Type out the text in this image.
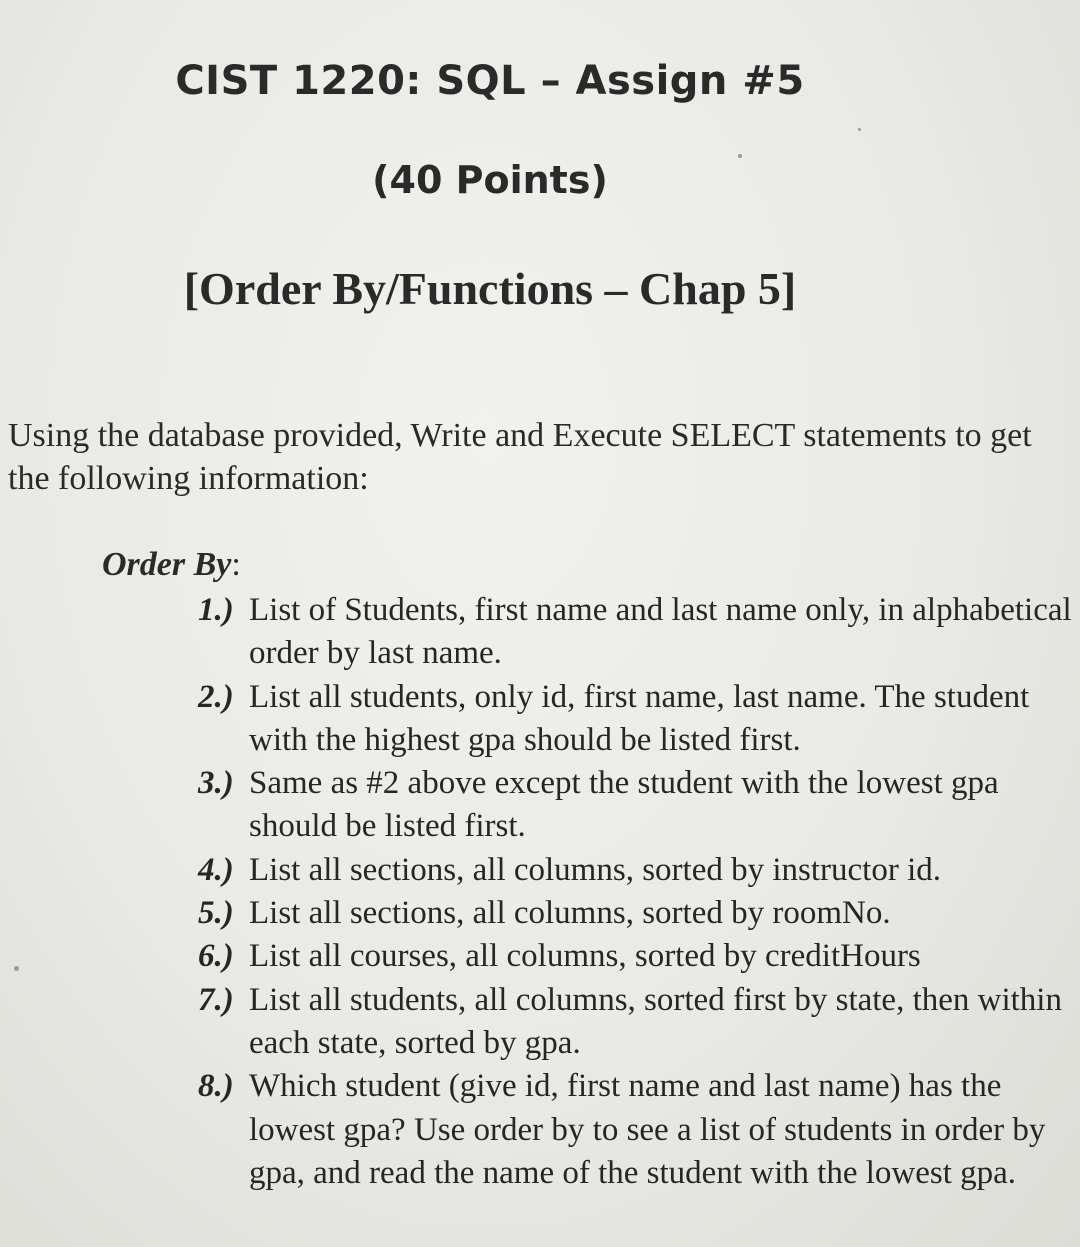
CIST 1220: SQL – Assign #5
(40 Points)
[Order By/Functions – Chap 5]

Using the database provided, Write and Execute SELECT statements to get the following information:

Order By:

1.) List of Students, first name and last name only, in alphabetical order by last name.
2.) List all students, only id, first name, last name. The student with the highest gpa should be listed first.
3.) Same as #2 above except the student with the lowest gpa should be listed first.
4.) List all sections, all columns, sorted by instructor id.
5.) List all sections, all columns, sorted by roomNo.
6.) List all courses, all columns, sorted by creditHours
7.) List all students, all columns, sorted first by state, then within each state, sorted by gpa.
8.) Which student (give id, first name and last name) has the lowest gpa? Use order by to see a list of students in order by gpa, and read the name of the student with the lowest gpa.
